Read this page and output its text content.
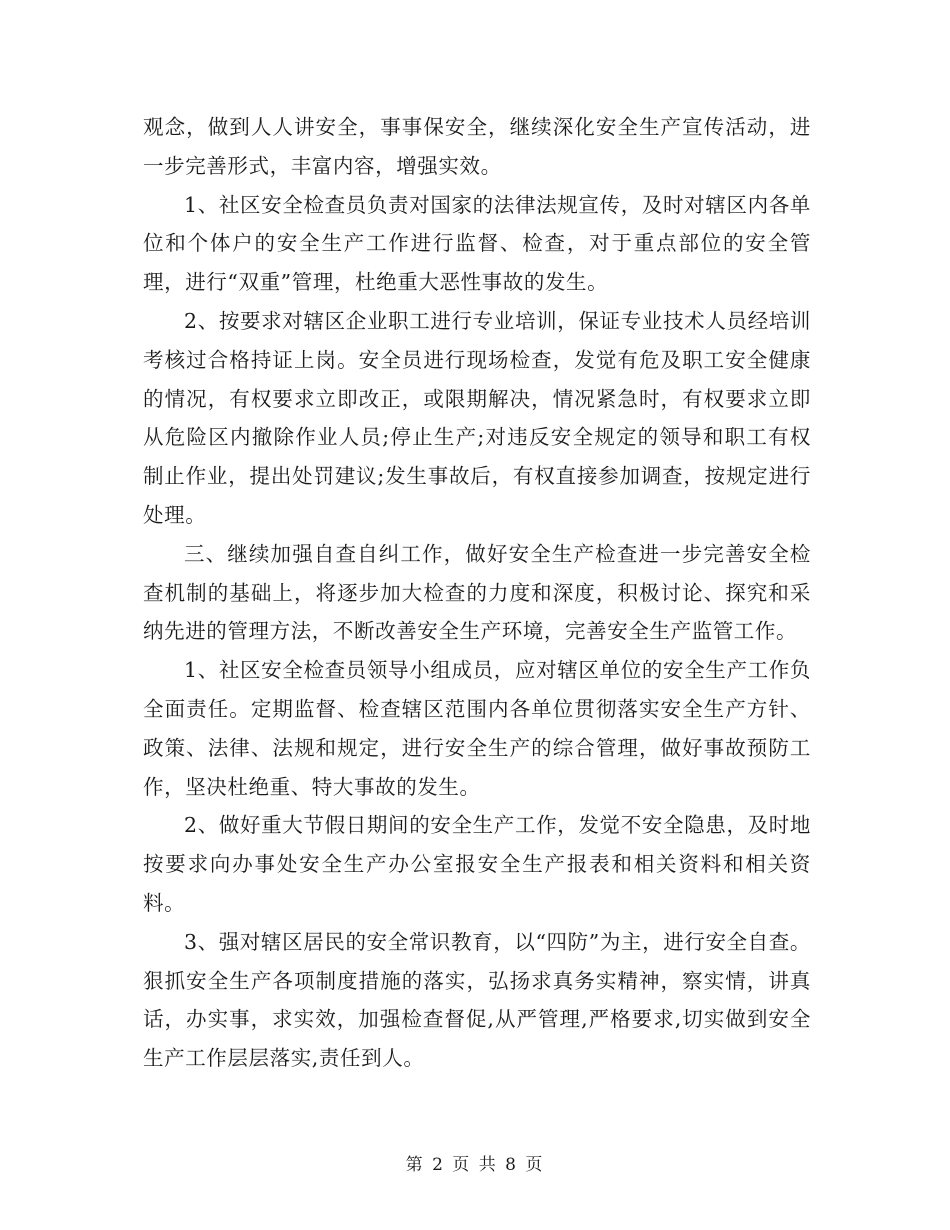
观念，做到人人讲安全，事事保安全，继续深化安全生产宣传活动，进一步完善形式，丰富内容，增强实效。

1、社区安全检查员负责对国家的法律法规宣传，及时对辖区内各单位和个体户的安全生产工作进行监督、检查，对于重点部位的安全管理，进行“双重”管理，杜绝重大恶性事故的发生。

2、按要求对辖区企业职工进行专业培训，保证专业技术人员经培训考核过合格持证上岗。安全员进行现场检查，发觉有危及职工安全健康的情况，有权要求立即改正，或限期解决，情况紧急时，有权要求立即从危险区内撤除作业人员;停止生产;对违反安全规定的领导和职工有权制止作业，提出处罚建议;发生事故后，有权直接参加调查，按规定进行处理。

三、继续加强自查自纠工作，做好安全生产检查进一步完善安全检查机制的基础上，将逐步加大检查的力度和深度，积极讨论、探究和采纳先进的管理方法，不断改善安全生产环境，完善安全生产监管工作。

1、社区安全检查员领导小组成员，应对辖区单位的安全生产工作负全面责任。定期监督、检查辖区范围内各单位贯彻落实安全生产方针、政策、法律、法规和规定，进行安全生产的综合管理，做好事故预防工作，坚决杜绝重、特大事故的发生。

2、做好重大节假日期间的安全生产工作，发觉不安全隐患，及时地按要求向办事处安全生产办公室报安全生产报表和相关资料和相关资料。

3、强对辖区居民的安全常识教育，以“四防”为主，进行安全自查。狠抓安全生产各项制度措施的落实，弘扬求真务实精神，察实情，讲真话，办实事，求实效，加强检查督促,从严管理,严格要求,切实做到安全生产工作层层落实,责任到人。

第 2 页 共 8 页
